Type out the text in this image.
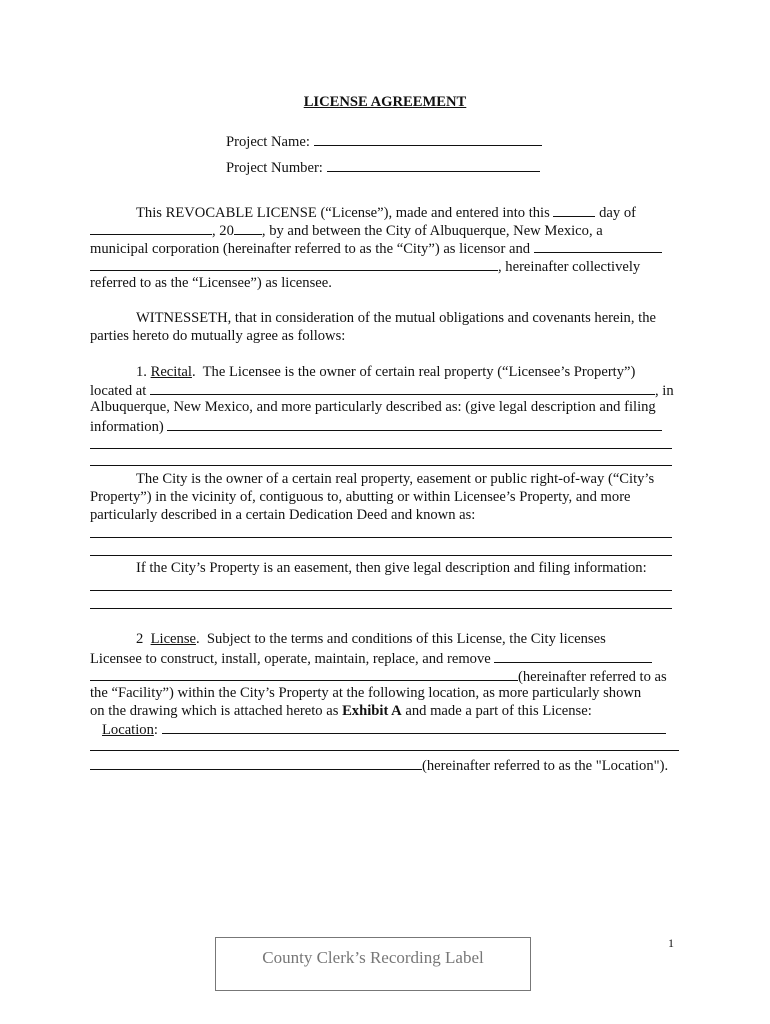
LICENSE AGREEMENT
Project Name:
Project Number:
This REVOCABLE LICENSE (“License”), made and entered into this	day of
, 20 , by and between the City of Albuquerque, New Mexico, a
municipal corporation (hereinafter referred to as the “City”) as licensor and
, hereinafter collectively
referred to as the “Licensee”) as licensee.
WITNESSETH, that in consideration of the mutual obligations and covenants herein, the
parties hereto do mutually agree as follows:
1. Recital.  The Licensee is the owner of certain real property (“Licensee’s Property”)
located at	, in
Albuquerque, New Mexico, and more particularly described as: (give legal description and filing
information)
The City is the owner of a certain real property, easement or public right-of-way (“City’s
Property”) in the vicinity of, contiguous to, abutting or within Licensee’s Property, and more
particularly described in a certain Dedication Deed and known as:
If the City’s Property is an easement, then give legal description and filing information:
2  License.  Subject to the terms and conditions of this License, the City licenses
Licensee to construct, install, operate, maintain, replace, and remove
(hereinafter referred to as
the “Facility”) within the City’s Property at the following location, as more particularly shown
on the drawing which is attached hereto as Exhibit A and made a part of this License:
Location:
(hereinafter referred to as the "Location").
1
County Clerk’s Recording Label
